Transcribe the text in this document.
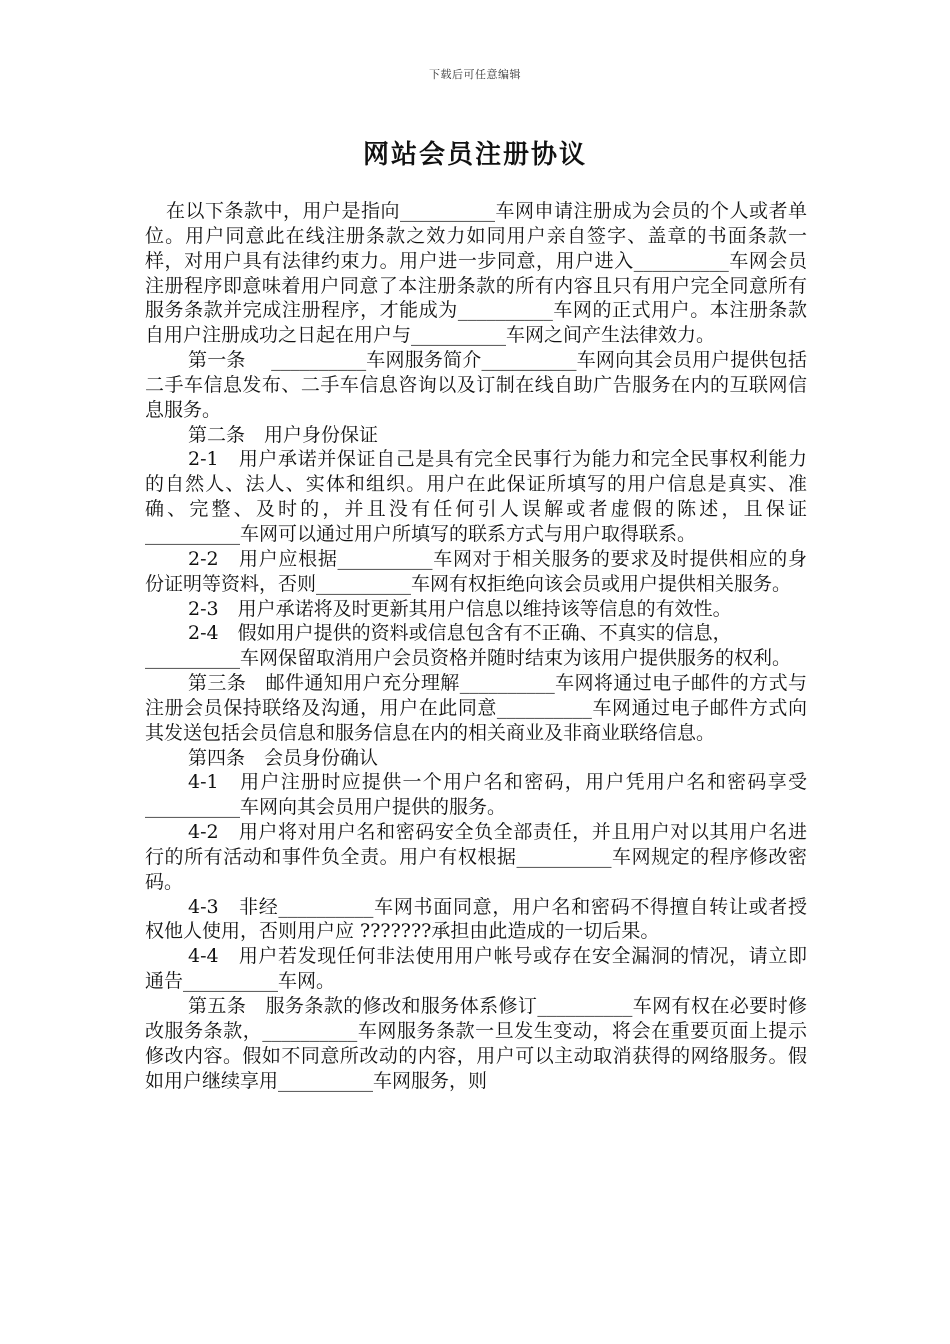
下载后可任意编辑
网站会员注册协议

在以下条款中，用户是指向__________车网申请注册成为会员的个人或者单位。用户同意此在线注册条款之效力如同用户亲自签字、盖章的书面条款一样，对用户具有法律约束力。用户进一步同意，用户进入__________车网会员注册程序即意味着用户同意了本注册条款的所有内容且只有用户完全同意所有服务条款并完成注册程序，才能成为__________车网的正式用户。本注册条款自用户注册成功之日起在用户与__________车网之间产生法律效力。

第一条　 __________车网服务简介__________车网向其会员用户提供包括二手车信息发布、二手车信息咨询以及订制在线自助广告服务在内的互联网信息服务。

第二条　用户身份保证

2-1　用户承诺并保证自己是具有完全民事行为能力和完全民事权利能力的自然人、法人、实体和组织。用户在此保证所填写的用户信息是真实、准确、完整、及时的，并且没有任何引人误解或者虚假的陈述，且保证__________车网可以通过用户所填写的联系方式与用户取得联系。

2-2　用户应根据__________车网对于相关服务的要求及时提供相应的身份证明等资料，否则__________车网有权拒绝向该会员或用户提供相关服务。

2-3　用户承诺将及时更新其用户信息以维持该等信息的有效性。

2-4　假如用户提供的资料或信息包含有不正确、不真实的信息，

__________车网保留取消用户会员资格并随时结束为该用户提供服务的权利。

第三条　邮件通知用户充分理解__________车网将通过电子邮件的方式与注册会员保持联络及沟通，用户在此同意__________车网通过电子邮件方式向其发送包括会员信息和服务信息在内的相关商业及非商业联络信息。

第四条　会员身份确认

4-1　用户注册时应提供一个用户名和密码，用户凭用户名和密码享受__________车网向其会员用户提供的服务。

4-2　用户将对用户名和密码安全负全部责任，并且用户对以其用户名进行的所有活动和事件负全责。用户有权根据__________车网规定的程序修改密码。

4-3　非经__________车网书面同意，用户名和密码不得擅自转让或者授权他人使用，否则用户应 ???????承担由此造成的一切后果。

4-4　用户若发现任何非法使用用户帐号或存在安全漏洞的情况，请立即通告__________车网。

第五条　服务条款的修改和服务体系修订__________车网有权在必要时修改服务条款，__________车网服务条款一旦发生变动，将会在重要页面上提示修改内容。假如不同意所改动的内容，用户可以主动取消获得的网络服务。假如用户继续享用__________车网服务，则
